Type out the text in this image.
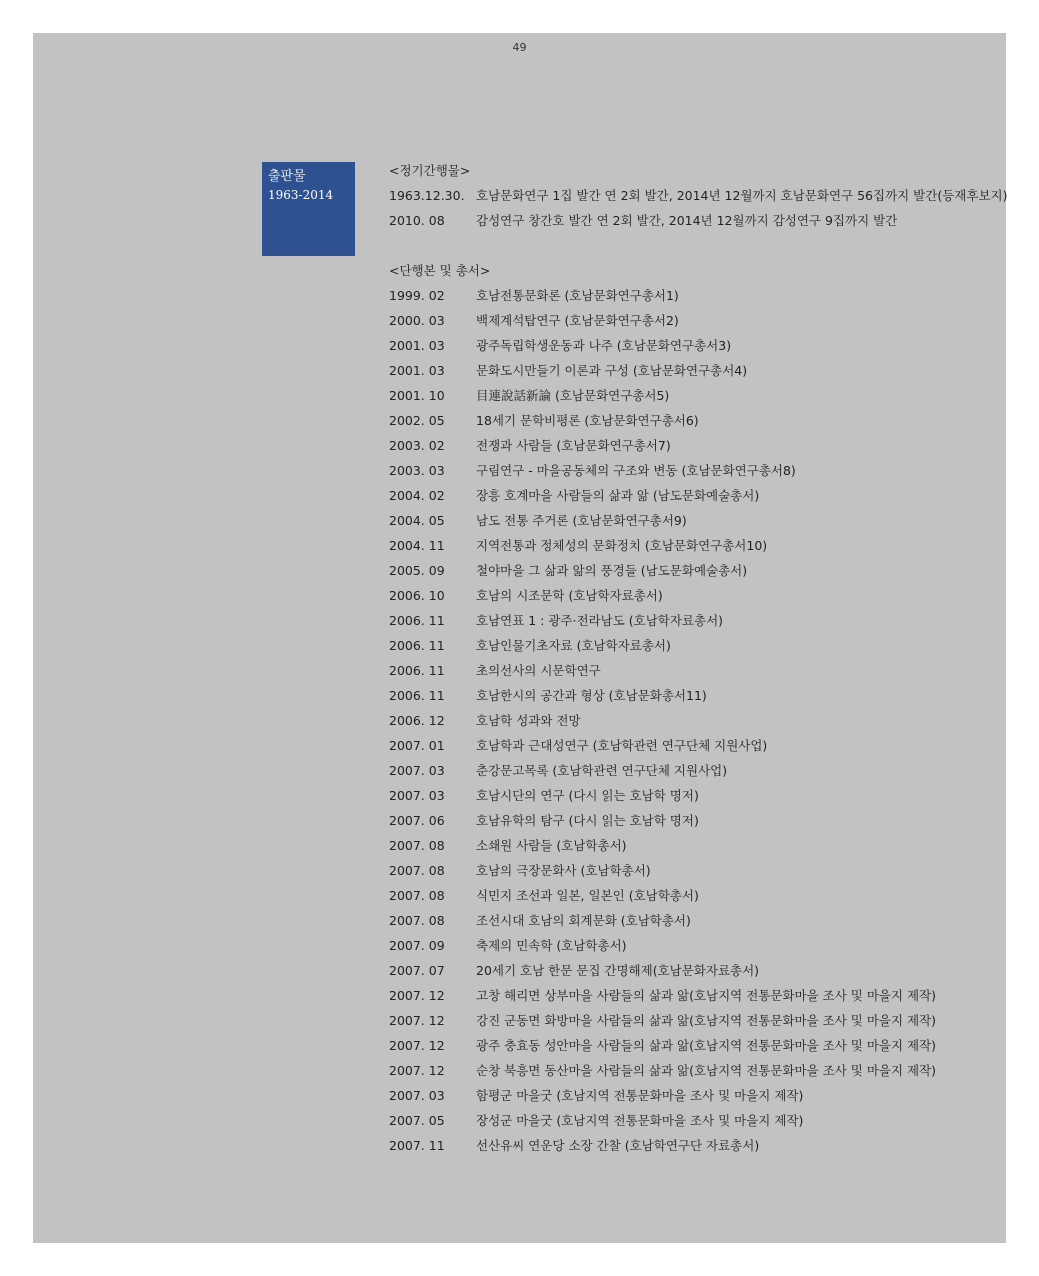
49
출판물
1963-2014
<정기간행물>
1963.12.30. 호남문화연구 1집 발간 연 2회 발간, 2014년 12월까지 호남문화연구 56집까지 발간(등재후보지)
2010. 08	감성연구 창간호 발간 연 2회 발간, 2014년 12월까지 감성연구 9집까지 발간
<단행본 및 총서>
1999. 02	호남전통문화론 (호남문화연구총서1)
2000. 03	백제계석탑연구 (호남문화연구총서2)
2001. 03	광주독립학생운동과 나주 (호남문화연구총서3)
2001. 03	문화도시만들기 이론과 구성 (호남문화연구총서4)
2001. 10	目連說話新論 (호남문화연구총서5)
2002. 05	18세기 문학비평론 (호남문화연구총서6)
2003. 02	전쟁과 사람들 (호남문화연구총서7)
2003. 03	구림연구 - 마을공동체의 구조와 변동 (호남문화연구총서8)
2004. 02	장흥 호계마을 사람들의 삶과 앎 (남도문화예술총서)
2004. 05	남도 전통 주거론 (호남문화연구총서9)
2004. 11	지역전통과 정체성의 문화정치 (호남문화연구총서10)
2005. 09	철야마을 그 삶과 앎의 풍경들 (남도문화예술총서)
2006. 10	호남의 시조문학 (호남학자료총서)
2006. 11	호남연표 1 : 광주·전라남도 (호남학자료총서)
2006. 11	호남인물기초자료 (호남학자료총서)
2006. 11	초의선사의 시문학연구
2006. 11	호남한시의 공간과 형상 (호남문화총서11)
2006. 12	호남학 성과와 전망
2007. 01	호남학과 근대성연구 (호남학관련 연구단체 지원사업)
2007. 03	춘강문고목록 (호남학관련 연구단체 지원사업)
2007. 03	호남시단의 연구 (다시 읽는 호남학 명저)
2007. 06	호남유학의 탐구 (다시 읽는 호남학 명저)
2007. 08	소쇄원 사람들 (호남학총서)
2007. 08	호남의 극장문화사 (호남학총서)
2007. 08	식민지 조선과 일본, 일본인 (호남학총서)
2007. 08	조선시대 호남의 회계문화 (호남학총서)
2007. 09	축제의 민속학 (호남학총서)
2007. 07	20세기 호남 한문 문집 간명해제(호남문화자료총서)
2007. 12	고창 해리면 상부마을 사람들의 삶과 앎(호남지역 전통문화마을 조사 및 마을지 제작)
2007. 12	강진 군동면 화방마을 사람들의 삶과 앎(호남지역 전통문화마을 조사 및 마을지 제작)
2007. 12	광주 충효동 성안마을 사람들의 삶과 앎(호남지역 전통문화마을 조사 및 마을지 제작)
2007. 12	순창 북흥면 동산마을 사람들의 삶과 앎(호남지역 전통문화마을 조사 및 마을지 제작)
2007. 03	함평군 마을굿 (호남지역 전통문화마을 조사 및 마을지 제작)
2007. 05	장성군 마을굿 (호남지역 전통문화마을 조사 및 마을지 제작)
2007. 11	선산유씨 연운당 소장 간찰 (호남학연구단 자료총서)
